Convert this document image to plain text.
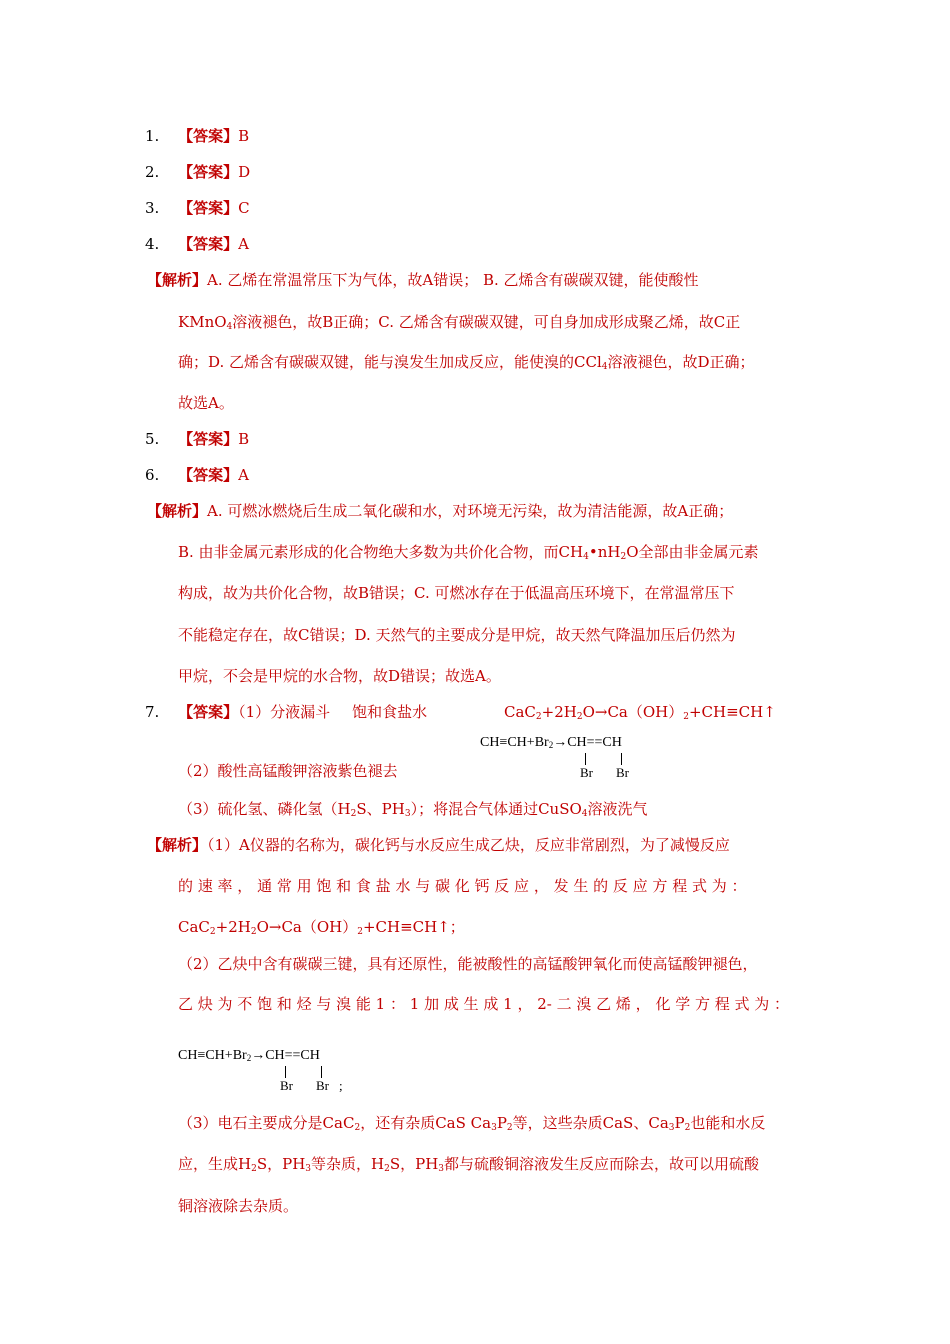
1. 【答案】B
2. 【答案】D
3. 【答案】C
4. 【答案】A
【解析】A. 乙烯在常温常压下为气体，故A错误； B. 乙烯含有碳碳双键，能使酸性
KMnO$_4$溶液褪色，故B正确；C. 乙烯含有碳碳双键，可自身加成形成聚乙烯，故C正
确；D. 乙烯含有碳碳双键，能与溴发生加成反应，能使溴的CCl$_4$溶液褪色，故D正确；
故选A。
5. 【答案】B
6. 【答案】A
【解析】A. 可燃冰燃烧后生成二氧化碳和水，对环境无污染，故为清洁能源，故A正确；
B. 由非金属元素形成的化合物绝大多数为共价化合物，而$CH_4•nH_2O$全部由非金属元素
构成，故为共价化合物，故B错误；C. 可燃冰存在于低温高压环境下，在常温常压下
不能稳定存在，故C错误；D. 天然气的主要成分是甲烷，故天然气降温加压后仍然为
甲烷，不会是甲烷的水合物，故D错误；故选A。
7. 【答案】（1）分液漏斗 饱和食盐水	$CaC_2+2H_2O\to Ca(OH)_2+CH\equiv CH↑$
$CH\equiv CH+Br_2\to CH==CH$
Br Br
（2）酸性高锰酸钾溶液紫色褪去
（3）硫化氢、磷化氢（$H_2S$、$PH_3$）；将混合气体通过CuSO$_4$溶液洗气
【解析】（1）A仪器的名称为，碳化钙与水反应生成乙炔，反应非常剧烈，为了减慢反应
的 速 率 ， 通 常 用 饱 和 食 盐 水 与 碳 化 钙 反 应 ， 发 生 的 反 应 方 程 式 为 ：
$CaC_2+2H_2O\to Ca(OH)_2+CH\equiv CH↑$；
（2）乙炔中含有碳碳三键，具有还原性，能被酸性的高锰酸钾氧化而使高锰酸钾褪色，
乙 炔 为 不 饱 和 烃 与 溴 能 1 ： 1 加 成 生 成 1 ， 2- 二 溴 乙 烯 ， 化 学 方 程 式 为 ：
$CH\equiv CH+Br_2\to CH==CH$
Br Br ;
（3）电石主要成分是CaC$_2$，还有杂质CaS $Ca_3P_2$等，这些杂质CaS、$Ca_3P_2$也能和水反
应，生成$H_2S$，$PH_3$等杂质，$H_2S$，$PH_3$都与硫酸铜溶液发生反应而除去，故可以用硫酸
铜溶液除去杂质。
